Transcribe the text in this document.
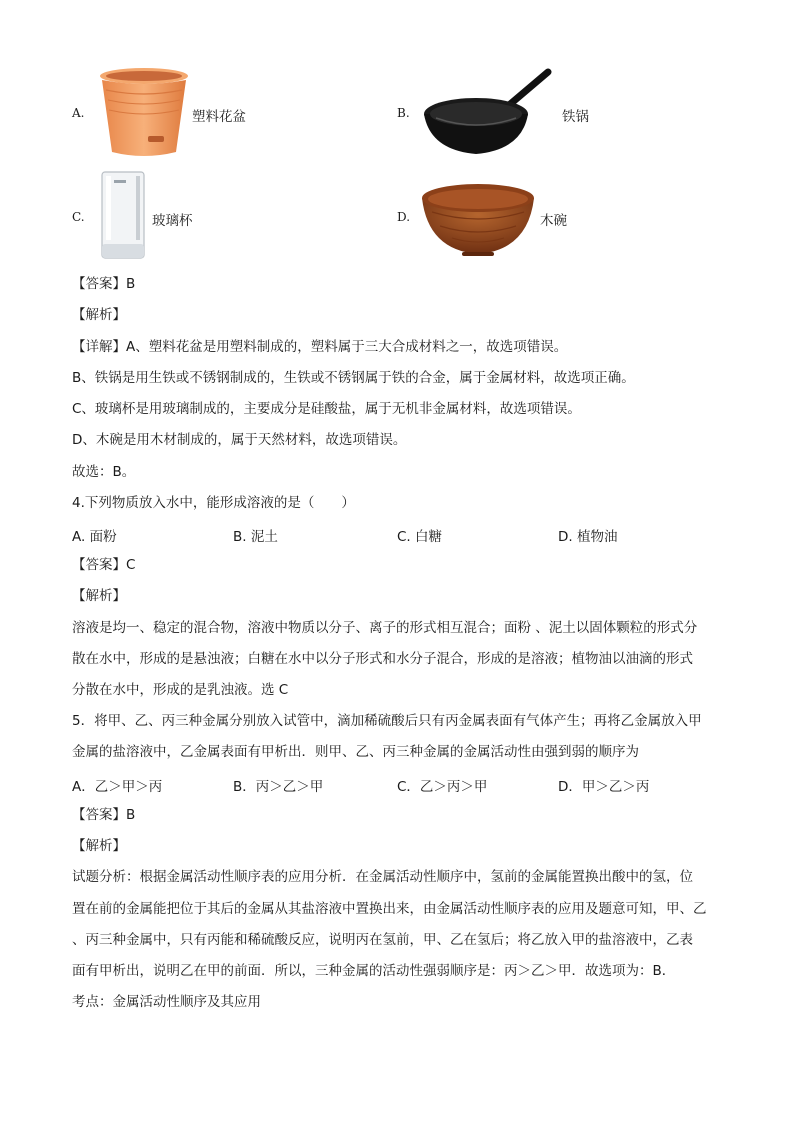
A.	塑料花盆	B.	铁锅
C.	玻璃杯	D.	木碗
【答案】B
【解析】
【详解】A、塑料花盆是用塑料制成的，塑料属于三大合成材料之一，故选项错误。
B、铁锅是用生铁或不锈钢制成的，生铁或不锈钢属于铁的合金，属于金属材料，故选项正确。
C、玻璃杯是用玻璃制成的，主要成分是硅酸盐，属于无机非金属材料，故选项错误。
D、木碗是用木材制成的，属于天然材料，故选项错误。
故选：B。
4.下列物质放入水中，能形成溶液的是（　　）
A. 面粉	B. 泥土	C. 白糖	D. 植物油
【答案】C
【解析】
溶液是均一、稳定的混合物，溶液中物质以分子、离子的形式相互混合；面粉 、泥土以固体颗粒的形式分
散在水中，形成的是悬浊液；白糖在水中以分子形式和水分子混合，形成的是溶液；植物油以油滴的形式
分散在水中，形成的是乳浊液。选 C
5．将甲、乙、丙三种金属分别放入试管中，滴加稀硫酸后只有丙金属表面有气体产生；再将乙金属放入甲
金属的盐溶液中，乙金属表面有甲析出．则甲、乙、丙三种金属的金属活动性由强到弱的顺序为
A．乙＞甲＞丙	B．丙＞乙＞甲	C．乙＞丙＞甲	D．甲＞乙＞丙
【答案】B
【解析】
试题分析：根据金属活动性顺序表的应用分析．在金属活动性顺序中，氢前的金属能置换出酸中的氢，位
置在前的金属能把位于其后的金属从其盐溶液中置换出来，由金属活动性顺序表的应用及题意可知，甲、乙
、丙三种金属中，只有丙能和稀硫酸反应，说明丙在氢前，甲、乙在氢后；将乙放入甲的盐溶液中，乙表
面有甲析出，说明乙在甲的前面．所以，三种金属的活动性强弱顺序是：丙＞乙＞甲．故选项为：B．
考点：金属活动性顺序及其应用
